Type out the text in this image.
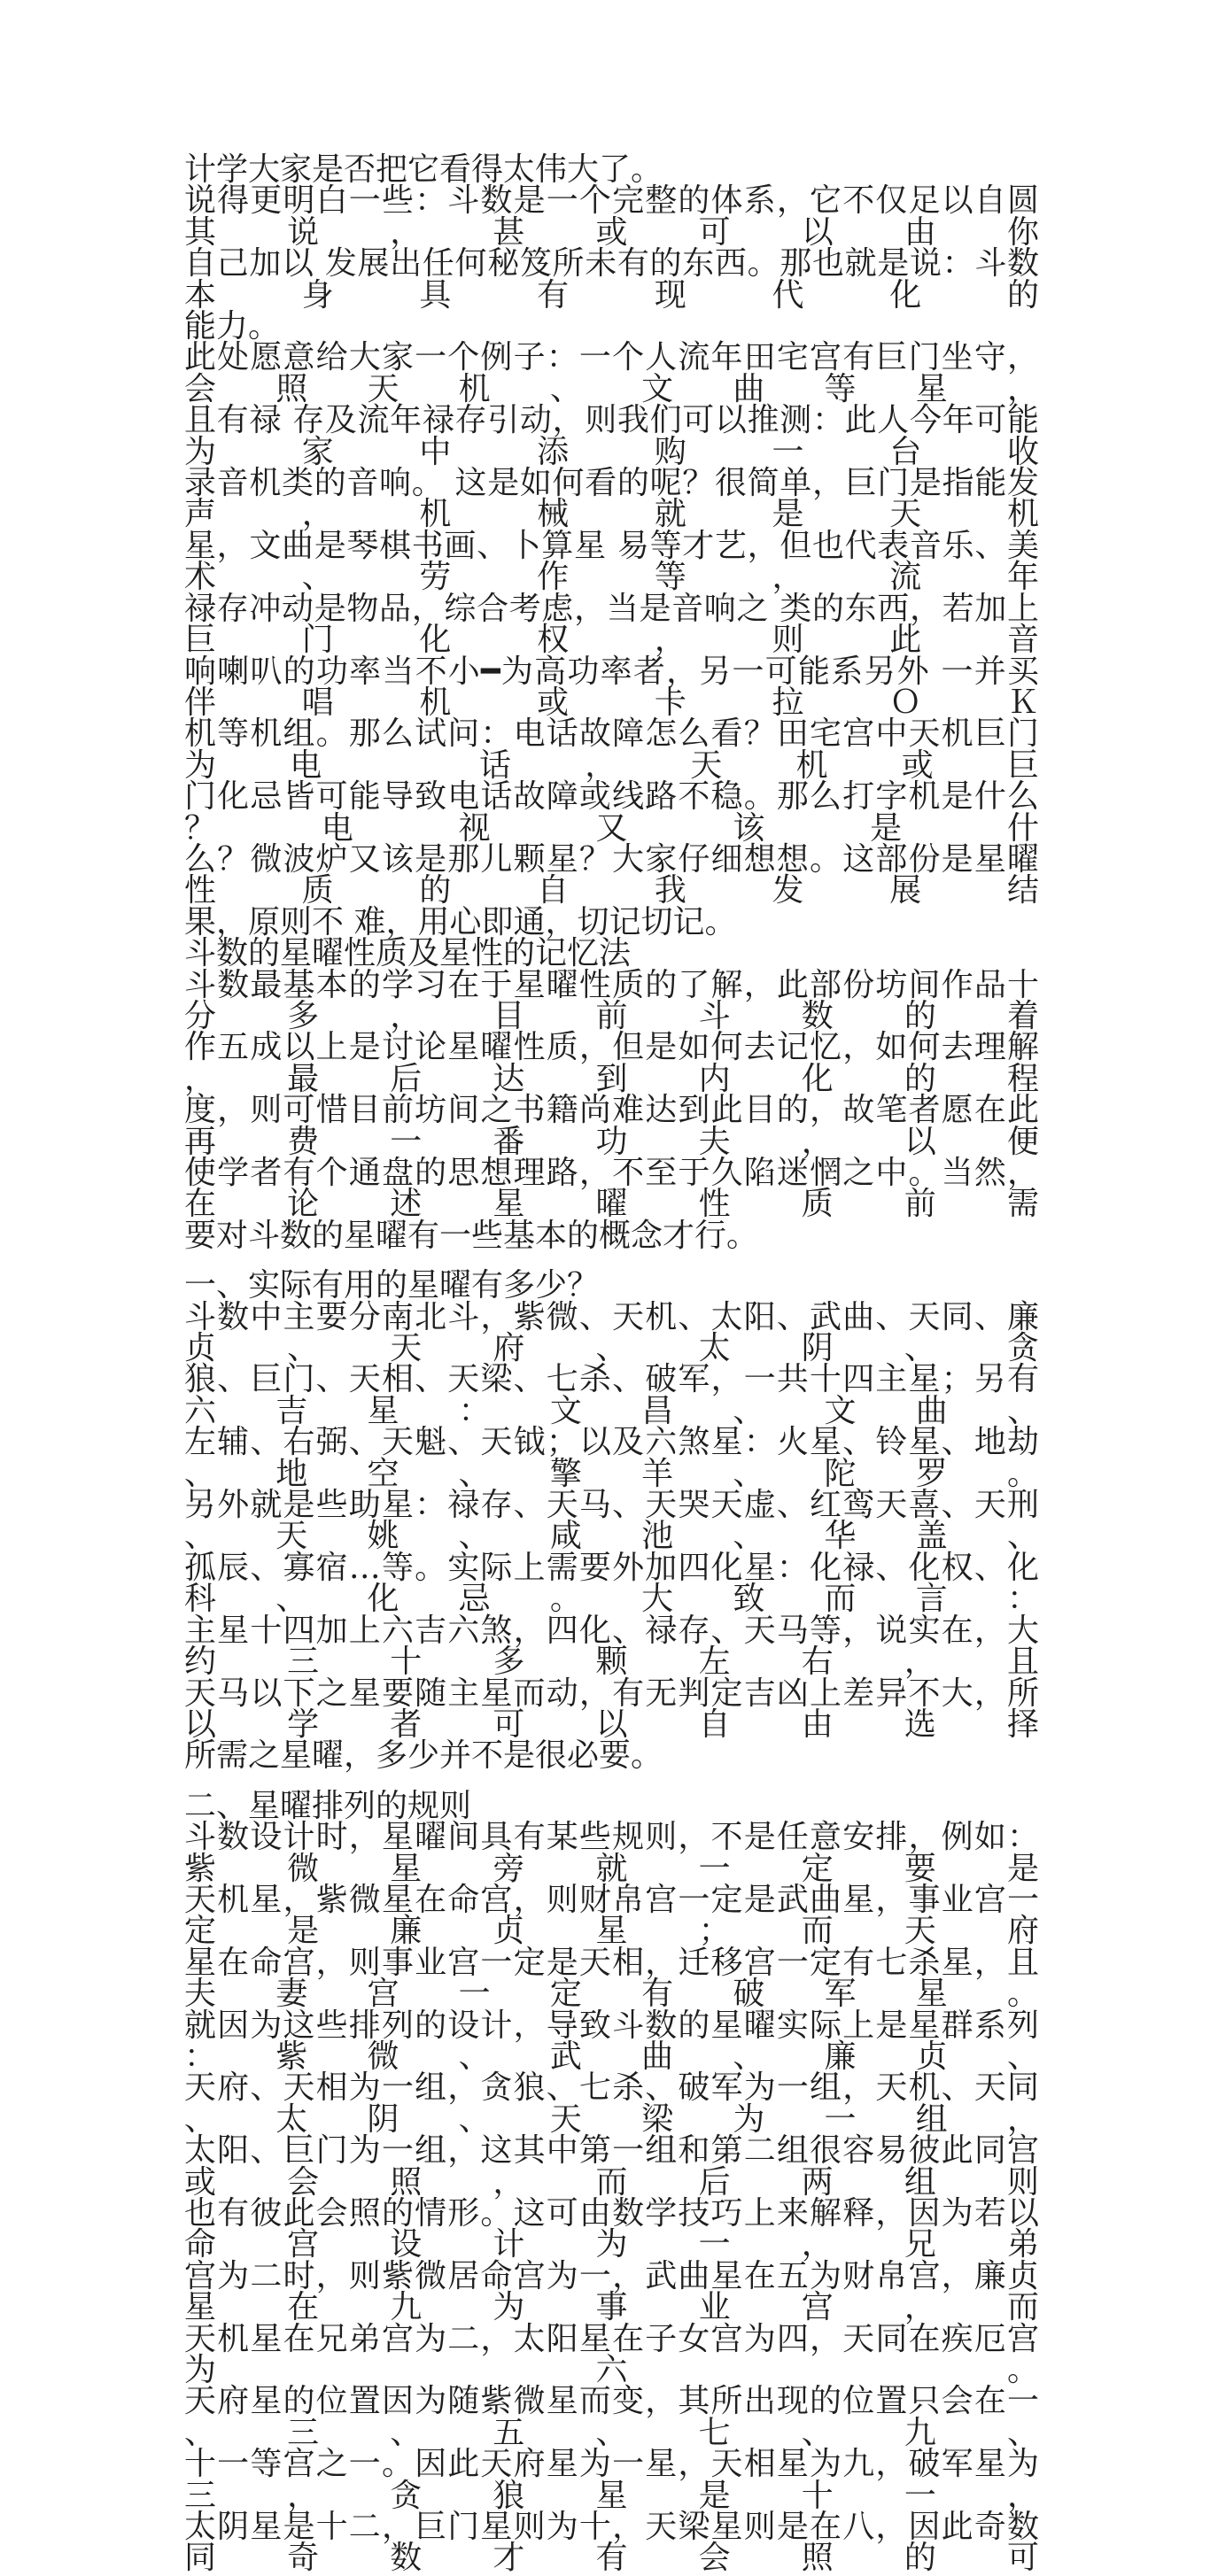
计学大家是否把它看得太伟大了。
说得更明白一些：斗数是一个完整的体系，它不仅足以自圆其说，甚或可以由你
自己加以 发展出任何秘笈所未有的东西。那也就是说：斗数本身具有现代化的
能力。
此处愿意给大家一个例子：一个人流年田宅宫有巨门坐守，会照天机、文曲等星，
且有禄 存及流年禄存引动，则我们可以推测：此人今年可能为家中添购一台收
录音机类的音响。 这是如何看的呢？很简单，巨门是指能发声，机械就是天机
星，文曲是琴棋书画、卜算星 易等才艺，但也代表音乐、美术、劳作等，流年
禄存冲动是物品，综合考虑，当是音响之 类的东西，若加上巨门化权，则此音
响喇叭的功率当不小━为高功率者，另一可能系另外 一并买伴唱机或卡拉ＯＫ
机等机组。那么试问：电话故障怎么看？田宅宫中天机巨门为电 话，天机或巨
门化忌皆可能导致电话故障或线路不稳。那么打字机是什么？电视又该是什
么？微波炉又该是那儿颗星？大家仔细想想。这部份是星曜性质的自我发展结
果，原则不 难，用心即通，切记切记。
斗数的星曜性质及星性的记忆法
斗数最基本的学习在于星曜性质的了解，此部份坊间作品十分多，目前斗数的着
作五成以上是讨论星曜性质，但是如何去记忆，如何去理解，最后达到内化的程
度，则可惜目前坊间之书籍尚难达到此目的，故笔者愿在此再费一番功夫，以便
使学者有个通盘的思想理路，不至于久陷迷惘之中。当然，在论述星曜性质前需
要对斗数的星曜有一些基本的概念才行。
一、实际有用的星曜有多少？
斗数中主要分南北斗，紫微、天机、太阳、武曲、天同、廉贞、天府、太阴、贪
狼、巨门、天相、天梁、七杀、破军，一共十四主星；另有六吉星：文昌、文曲、
左辅、右弼、天魁、天钺；以及六煞星：火星、铃星、地劫、地空、擎羊、陀罗。
另外就是些助星：禄存、天马、天哭天虚、红鸾天喜、天刑、天姚、咸池、华盖、
孤辰、寡宿…等。实际上需要外加四化星：化禄、化权、化科、化忌。大致而言：
主星十四加上六吉六煞，四化、禄存、天马等，说实在，大约三十多颗左右，且
天马以下之星要随主星而动，有无判定吉凶上差异不大，所以学者可以自由选择
所需之星曜，多少并不是很必要。
二、星曜排列的规则
斗数设计时，星曜间具有某些规则，不是任意安排，例如：紫微星旁就一定要是
天机星，紫微星在命宫，则财帛宫一定是武曲星，事业宫一定是廉贞星；而天府
星在命宫，则事业宫一定是天相，迁移宫一定有七杀星，且夫妻宫一定有破军星。
就因为这些排列的设计，导致斗数的星曜实际上是星群系列：紫微、武曲、廉贞、
天府、天相为一组，贪狼、七杀、破军为一组，天机、天同、太阴、天梁为一组，
太阳、巨门为一组，这其中第一组和第二组很容易彼此同宫或会照，而后两组则
也有彼此会照的情形。这可由数学技巧上来解释，因为若以命宫设计为一，兄弟
宫为二时，则紫微居命宫为一，武曲星在五为财帛宫，廉贞星在九为事业宫，而
天机星在兄弟宫为二，太阳星在子女宫为四，天同在疾厄宫为六。
天府星的位置因为随紫微星而变，其所出现的位置只会在一、三、五、七、九、
十一等宫之一。因此天府星为一星，天相星为九，破军星为三，贪狼星是十一，
太阴星是十二，巨门星则为十，天梁星则是在八，因此奇数同奇数才有会照的可
